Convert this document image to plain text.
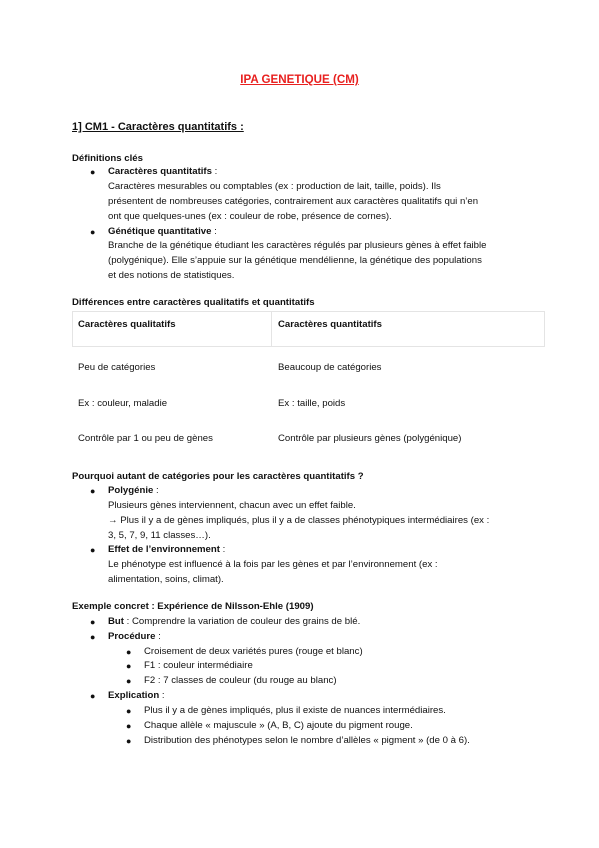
IPA GENETIQUE (CM)
1] CM1 - Caractères quantitatifs :
Définitions clés
● Caractères quantitatifs :
Caractères mesurables ou comptables (ex : production de lait, taille, poids). Ils
présentent de nombreuses catégories, contrairement aux caractères qualitatifs qui n’en
ont que quelques-unes (ex : couleur de robe, présence de cornes).
● Génétique quantitative :
Branche de la génétique étudiant les caractères régulés par plusieurs gènes à effet faible
(polygénique). Elle s’appuie sur la génétique mendélienne, la génétique des populations
et des notions de statistiques.
Différences entre caractères qualitatifs et quantitatifs
Caractères qualitatifs	Caractères quantitatifs
Peu de catégories	Beaucoup de catégories
Ex : couleur, maladie	Ex : taille, poids
Contrôle par 1 ou peu de gènes	Contrôle par plusieurs gènes (polygénique)
Pourquoi autant de catégories pour les caractères quantitatifs ?
● Polygénie :
Plusieurs gènes interviennent, chacun avec un effet faible.
→ Plus il y a de gènes impliqués, plus il y a de classes phénotypiques intermédiaires (ex :
3, 5, 7, 9, 11 classes…).
● Effet de l’environnement :
Le phénotype est influencé à la fois par les gènes et par l’environnement (ex :
alimentation, soins, climat).
Exemple concret : Expérience de Nilsson-Ehle (1909)
● But : Comprendre la variation de couleur des grains de blé.
● Procédure :
● Croisement de deux variétés pures (rouge et blanc)
● F1 : couleur intermédiaire
● F2 : 7 classes de couleur (du rouge au blanc)
● Explication :
● Plus il y a de gènes impliqués, plus il existe de nuances intermédiaires.
● Chaque allèle « majuscule » (A, B, C) ajoute du pigment rouge.
● Distribution des phénotypes selon le nombre d’allèles « pigment » (de 0 à 6).
